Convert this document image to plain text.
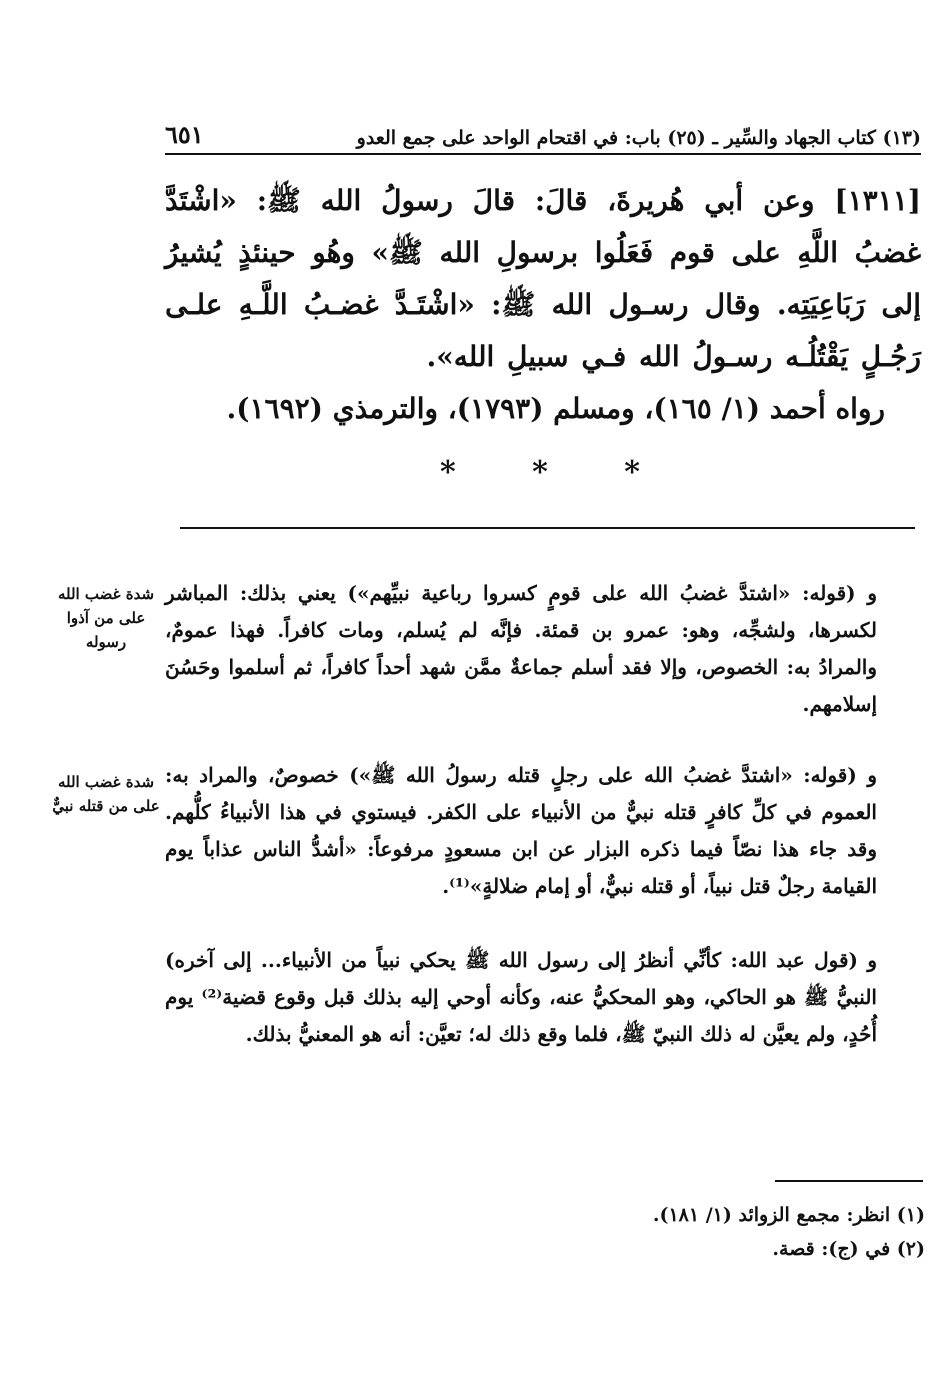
(١٣) كتاب الجهاد والسِّير ـ (٢٥) باب: في اقتحام الواحد على جمع العدو
٦٥١
[١٣١١] وعن أبي هُريرةَ، قالَ: قالَ رسولُ الله ﷺ: «اشْتَدَّ غضبُ اللَّهِ على قوم فَعَلُوا برسولِ الله ﷺ» وهُو حينئذٍ يُشيرُ إلى رَبَاعِيَتِه. وقال رسـول الله ﷺ: «اشْتَـدَّ غضـبُ اللَّـهِ علـى رَجُـلٍ يَقْتُلُـه رسـولُ الله فـي سبيلِ الله».
رواه أحمد (١/ ١٦٥)، ومسلم (١٧٩٣)، والترمذي (١٦٩٢).
*	*	*
و (قوله: «اشتدَّ غضبُ الله على قومٍ كسروا رباعية نبيِّهم») يعني بذلك: المباشر لكسرها، ولشجِّه، وهو: عمرو بن قمئة. فإنَّه لم يُسلم، ومات كافراً. فهذا عمومٌ، والمرادُ به: الخصوص، وإلا فقد أسلم جماعةٌ ممَّن شهد أحداً كافراً، ثم أسلموا وحَسُنَ إسلامهم.
شدة غضب الله على من آذوا رسوله
و (قوله: «اشتدَّ غضبُ الله على رجلٍ قتله رسولُ الله ﷺ») خصوصٌ، والمراد به: العموم في كلِّ كافرٍ قتله نبيٌّ من الأنبياء على الكفر. فيستوي في هذا الأنبياءُ كلُّهم. وقد جاء هذا نصّاً فيما ذكره البزار عن ابن مسعودٍ مرفوعاً: «أشدُّ الناس عذاباً يوم القيامة رجلٌ قتل نبياً، أو قتله نبيٌّ، أو إمام ضلالةٍ»⁽¹⁾.
شدة غضب الله على من قتله نبيٌّ
و (قول عبد الله: كأنِّي أنظرُ إلى رسول الله ﷺ يحكي نبياً من الأنبياء... إلى آخره) النبيُّ ﷺ هو الحاكي، وهو المحكيُّ عنه، وكأنه أوحي إليه بذلك قبل وقوع قضية⁽²⁾ يوم أُحُدٍ، ولم يعيَّن له ذلك النبيّ ﷺ، فلما وقع ذلك له؛ تعيَّن: أنه هو المعنيُّ بذلك.
(١) انظر: مجمع الزوائد (١/ ١٨١).
(٢) في (ج): قصة.
